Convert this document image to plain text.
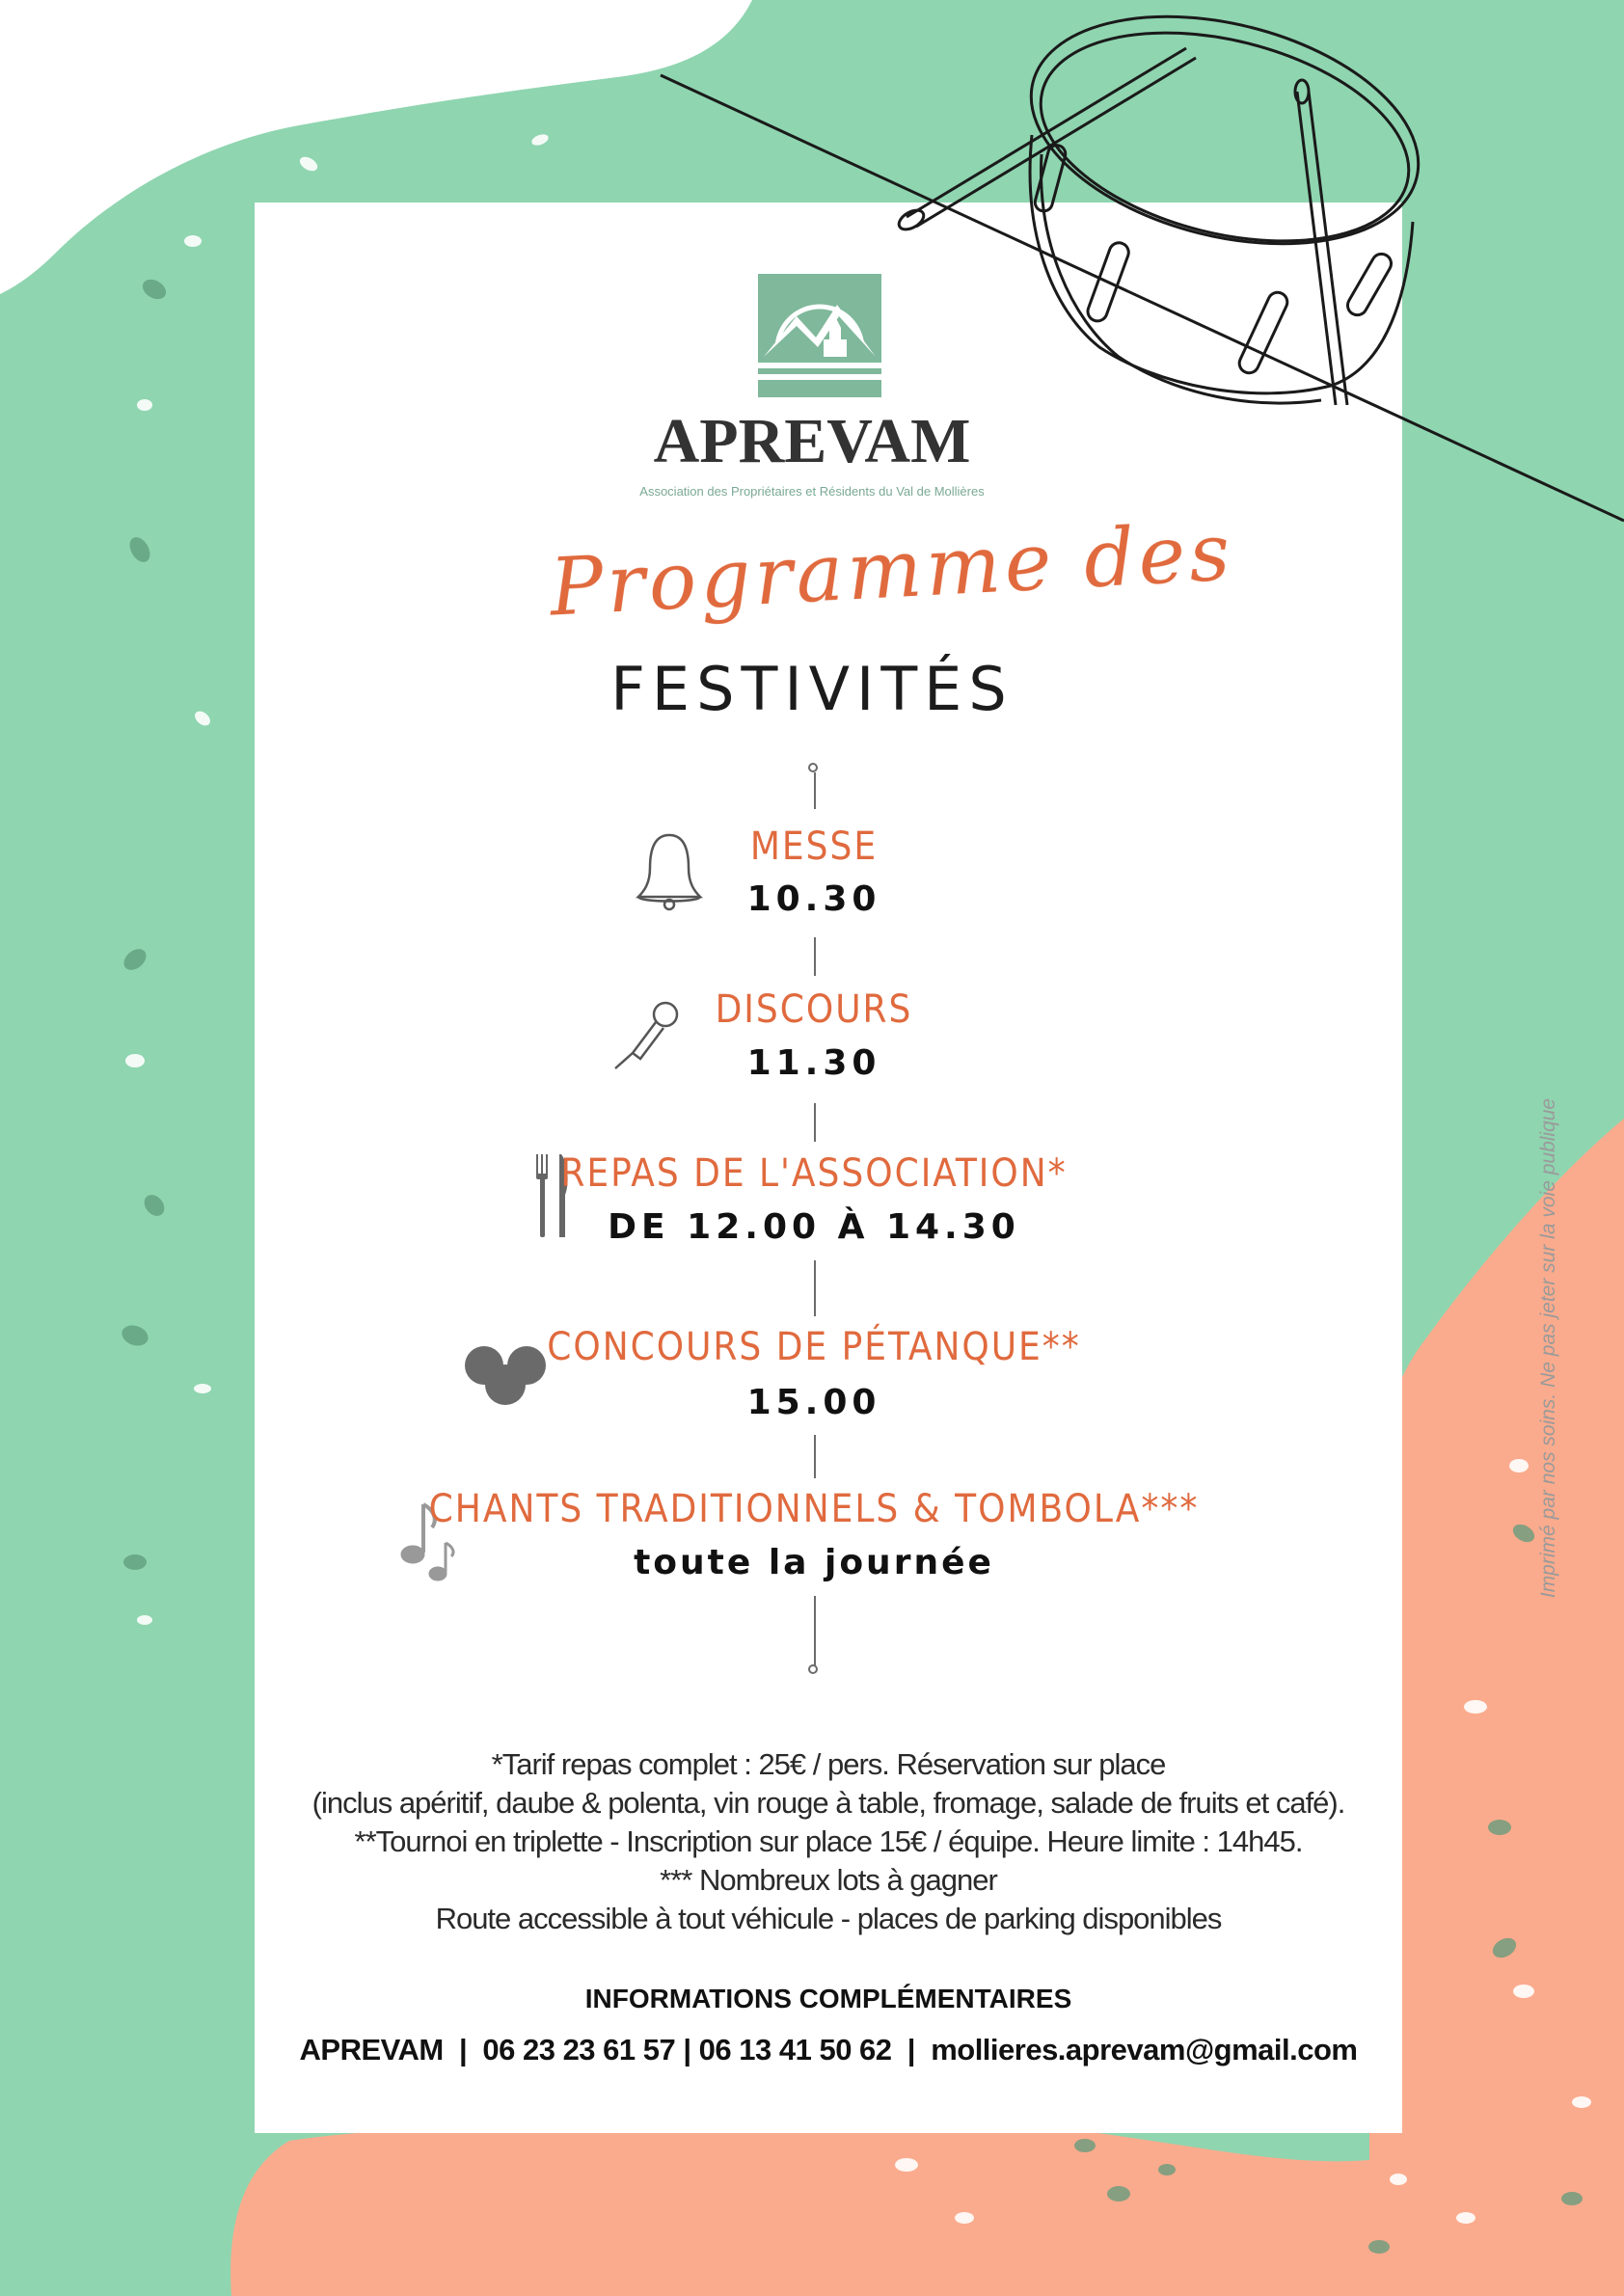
Imprimé par nos soins. Ne pas jeter sur la voie publique
APREVAM
Association des Propriétaires et Résidents du Val de Mollières
Programme des
FESTIVITÉS
MESSE
10.30
DISCOURS
11.30
REPAS DE L'ASSOCIATION*
DE 12.00 À 14.30
CONCOURS DE PÉTANQUE**
15.00
CHANTS TRADITIONNELS & TOMBOLA***
toute la journée
*Tarif repas complet : 25€ / pers. Réservation sur place
(inclus apéritif, daube & polenta, vin rouge à table, fromage, salade de fruits et café).
**Tournoi en triplette - Inscription sur place 15€ / équipe. Heure limite : 14h45.
*** Nombreux lots à gagner
Route accessible à tout véhicule - places de parking disponibles
INFORMATIONS COMPLÉMENTAIRES
APREVAM | 06 23 23 61 57 | 06 13 41 50 62 | mollieres.aprevam@gmail.com
